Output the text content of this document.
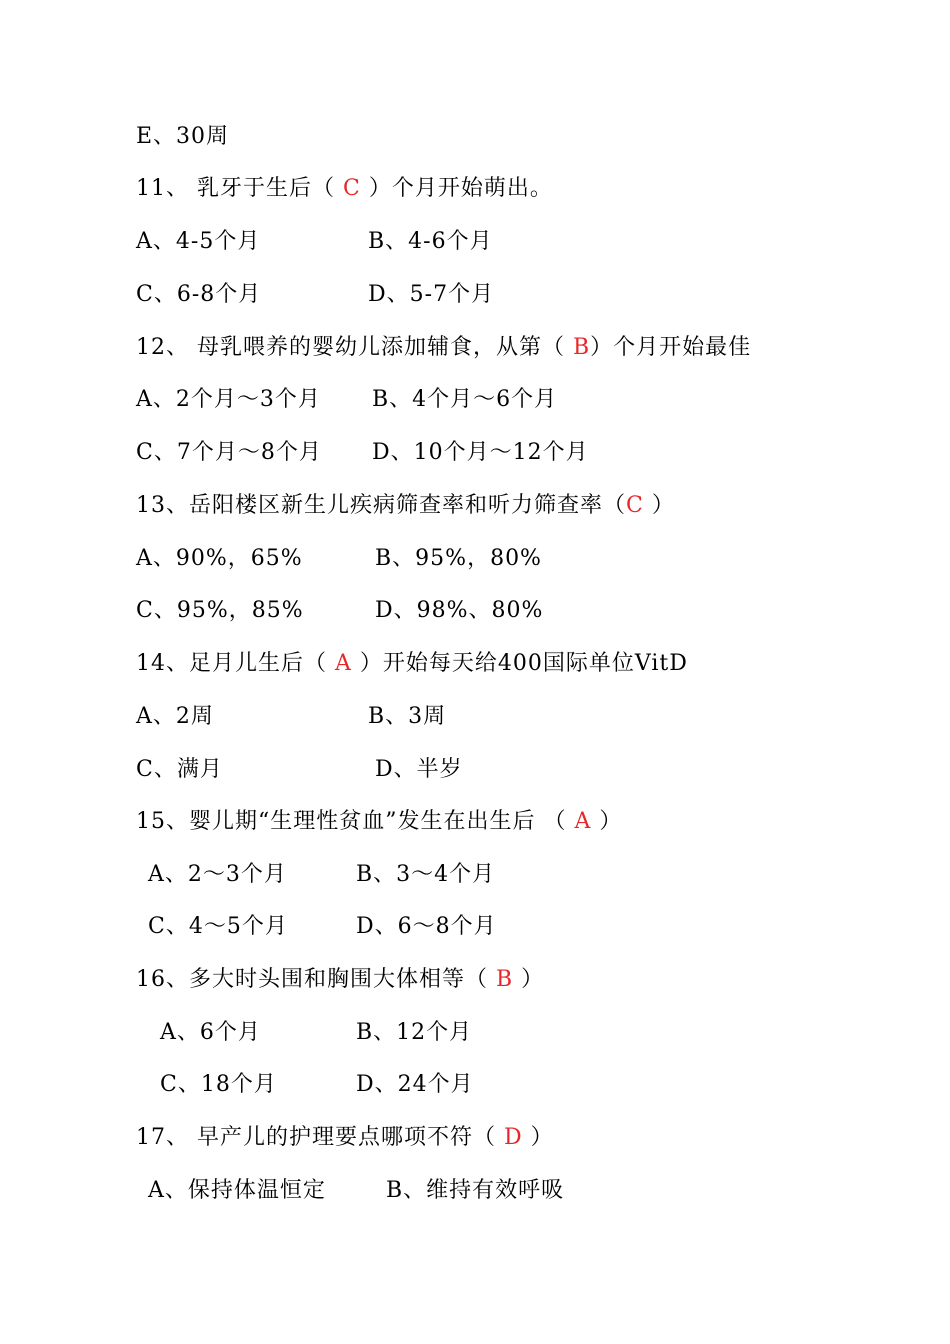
E、30周
11、 乳牙于生后（ C ）个月开始萌出。
A、4-5个月	B、4-6个月
C、6-8个月	D、5-7个月
12、 母乳喂养的婴幼儿添加辅食，从第（ B）个月开始最佳
A、2个月～3个月 B、4个月～6个月
C、7个月～8个月 D、10个月～12个月
13、岳阳楼区新生儿疾病筛查率和听力筛查率（C ）
A、90%，65%	B、95%，80%
C、95%，85%	D、98%、80%
14、足月儿生后（ A ）开始每天给400国际单位VitD
A、2周	B、3周
C、满月	D、半岁
15、婴儿期“生理性贫血”发生在出生后 （ A ）
A、2～3个月	B、3～4个月
C、4～5个月	D、6～8个月
16、多大时头围和胸围大体相等（ B ）
A、6个月	B、12个月
C、18个月	D、24个月
17、 早产儿的护理要点哪项不符（ D ）
A、保持体温恒定	B、维持有效呼吸
